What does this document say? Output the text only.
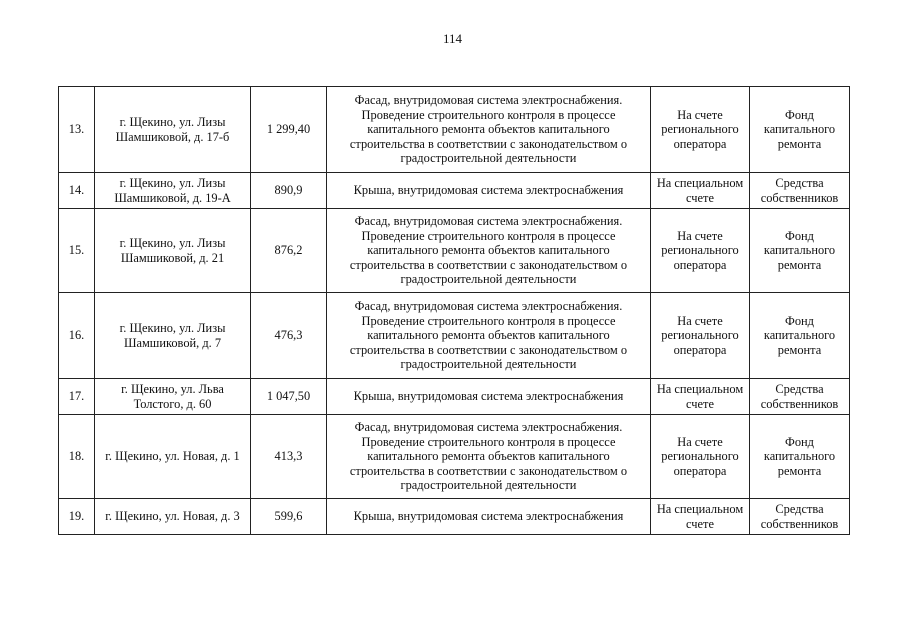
114
13.	г. Щекино, ул. Лизы Шамшиковой, д. 17-б	1 299,40	Фасад, внутридомовая система электроснабжения. Проведение строительного контроля в процессе капитального ремонта объектов капитального строительства в соответствии с законодательством о градостроительной деятельности	На счете регионального оператора	Фонд капитального ремонта
14.	г. Щекино, ул. Лизы Шамшиковой, д. 19-А	890,9	Крыша, внутридомовая система электроснабжения	На специальном счете	Средства собственников
15.	г. Щекино, ул. Лизы Шамшиковой, д. 21	876,2	Фасад, внутридомовая система электроснабжения. Проведение строительного контроля в процессе капитального ремонта объектов капитального строительства в соответствии с законодательством о градостроительной деятельности	На счете регионального оператора	Фонд капитального ремонта
16.	г. Щекино, ул. Лизы Шамшиковой, д. 7	476,3	Фасад, внутридомовая система электроснабжения. Проведение строительного контроля в процессе капитального ремонта объектов капитального строительства в соответствии с законодательством о градостроительной деятельности	На счете регионального оператора	Фонд капитального ремонта
17.	г. Щекино, ул. Льва Толстого, д. 60	1 047,50	Крыша, внутридомовая система электроснабжения	На специальном счете	Средства собственников
18.	г. Щекино, ул. Новая, д. 1	413,3	Фасад, внутридомовая система электроснабжения. Проведение строительного контроля в процессе капитального ремонта объектов капитального строительства в соответствии с законодательством о градостроительной деятельности	На счете регионального оператора	Фонд капитального ремонта
19.	г. Щекино, ул. Новая, д. 3	599,6	Крыша, внутридомовая система электроснабжения	На специальном счете	Средства собственников
